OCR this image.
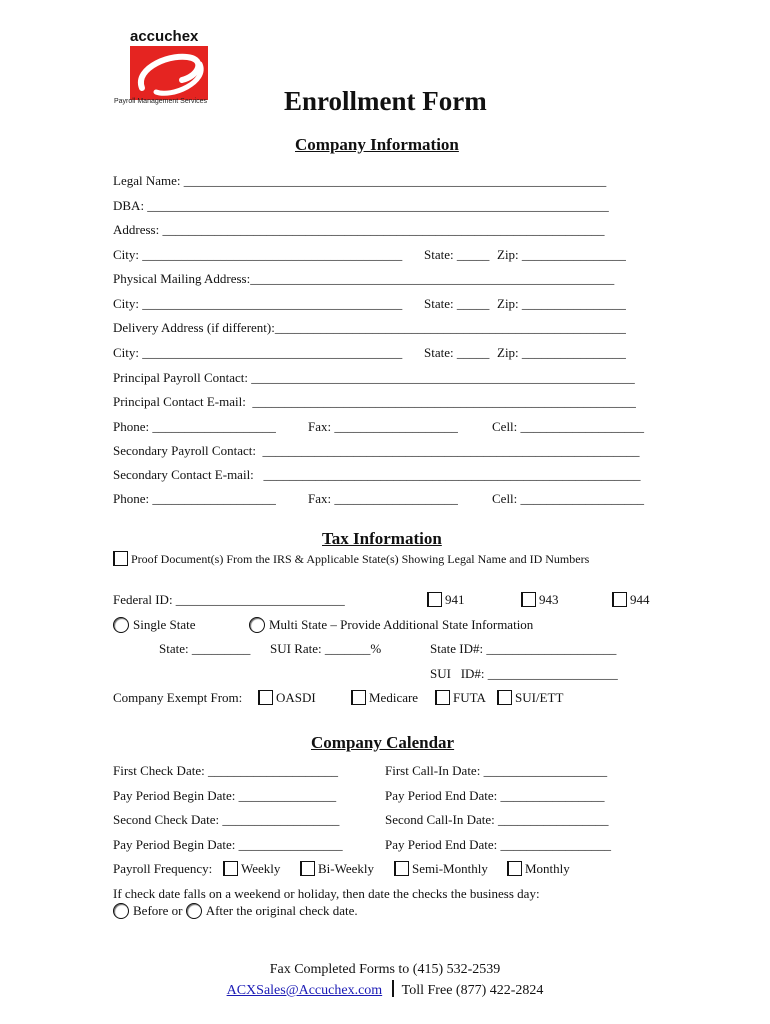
accuchex
Payroll Management Services	Enrollment Form
Company Information
Legal Name: _________________________________________________________________
DBA: _______________________________________________________________________
Address: ____________________________________________________________________
City: ________________________________________ State: _____ Zip: ________________
Physical Mailing Address:________________________________________________________
City: ________________________________________ State: _____ Zip: ________________
Delivery Address (if different):______________________________________________________
City: ________________________________________ State: _____ Zip: ________________
Principal Payroll Contact: ___________________________________________________________
Principal Contact E-mail:  ___________________________________________________________
Phone: ___________________ Fax: ___________________	Cell: ___________________
Secondary Payroll Contact:  __________________________________________________________
Secondary Contact E-mail:   __________________________________________________________
Phone: ___________________ Fax: ___________________	Cell: ___________________
Tax Information
Proof Document(s) From the IRS & Applicable State(s) Showing Legal Name and ID Numbers
Federal ID: __________________________	941	943	944
Single State	Multi State – Provide Additional State Information
State: _________ SUI Rate: _______%	State ID#: ____________________
SUI   ID#: ____________________
Company Exempt From:	OASDI	Medicare	FUTA	SUI/ETT
Company Calendar
First Check Date: ____________________	First Call-In Date: ___________________
Pay Period Begin Date: _______________	Pay Period End Date: ________________
Second Check Date: __________________	Second Call-In Date: _________________
Pay Period Begin Date: ________________	Pay Period End Date: _________________
Payroll Frequency:	Weekly	Bi-Weekly	Semi-Monthly	Monthly
If check date falls on a weekend or holiday, then date the checks the business day:
Before or After the original check date.
Fax Completed Forms to (415) 532-2539
ACXSales@Accuchex.com Toll Free (877) 422-2824
